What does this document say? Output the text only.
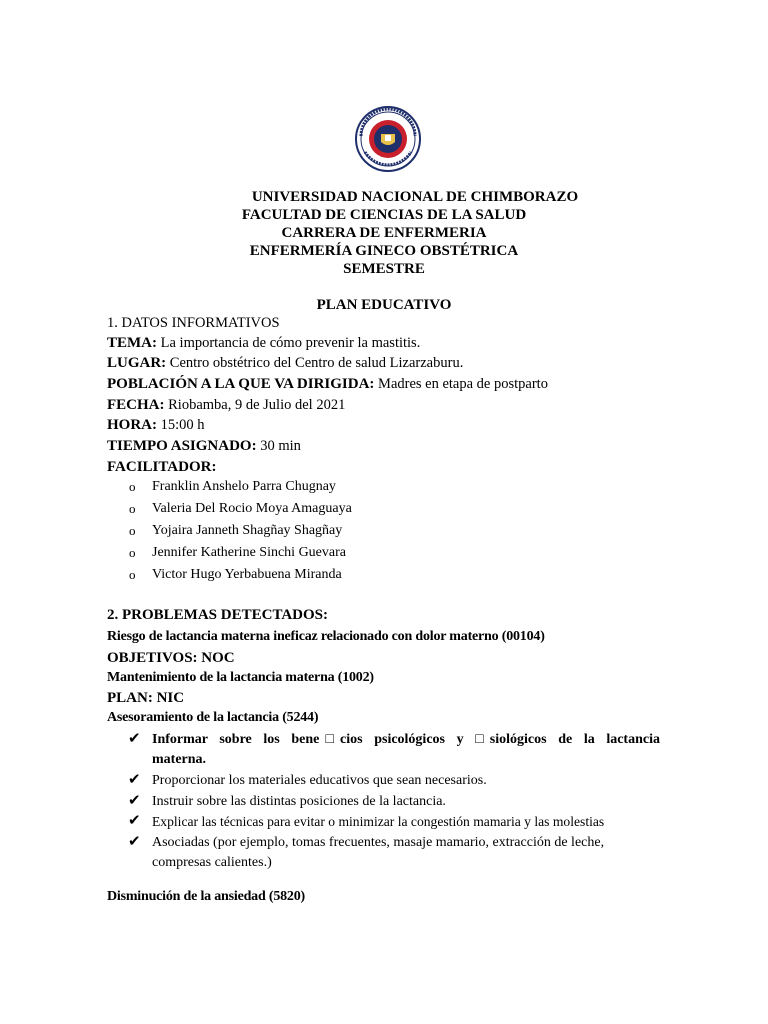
UNIVERSIDAD NACIONAL DE CHIMBORAZO
FACULTAD DE CIENCIAS DE LA SALUD
CARRERA DE ENFERMERIA
ENFERMERÍA GINECO OBSTÉTRICA
SEMESTRE
PLAN EDUCATIVO
1. DATOS INFORMATIVOS
TEMA: La importancia de cómo prevenir la mastitis.
LUGAR: Centro obstétrico del Centro de salud Lizarzaburu.
POBLACIÓN A LA QUE VA DIRIGIDA: Madres en etapa de postparto
FECHA: Riobamba, 9 de Julio del 2021
HORA: 15:00 h
TIEMPO ASIGNADO: 30 min
FACILITADOR:
o Franklin Anshelo Parra Chugnay
o Valeria Del Rocio Moya Amaguaya
o Yojaira Janneth Shagñay Shagñay
o Jennifer Katherine Sinchi Guevara
o Victor Hugo Yerbabuena Miranda
2. PROBLEMAS DETECTADOS:
Riesgo de lactancia materna ineficaz relacionado con dolor materno (00104)
OBJETIVOS: NOC
Mantenimiento de la lactancia materna (1002)
PLAN: NIC
Asesoramiento de la lactancia (5244)
✔ Informar sobre los bene□cios psicológicos y □siológicos de la lactancia
materna.
✔ Proporcionar los materiales educativos que sean necesarios.
✔ Instruir sobre las distintas posiciones de la lactancia.
✔ Explicar las técnicas para evitar o minimizar la congestión mamaria y las molestias
✔ Asociadas (por ejemplo, tomas frecuentes, masaje mamario, extracción de leche,
compresas calientes.)
Disminución de la ansiedad (5820)
